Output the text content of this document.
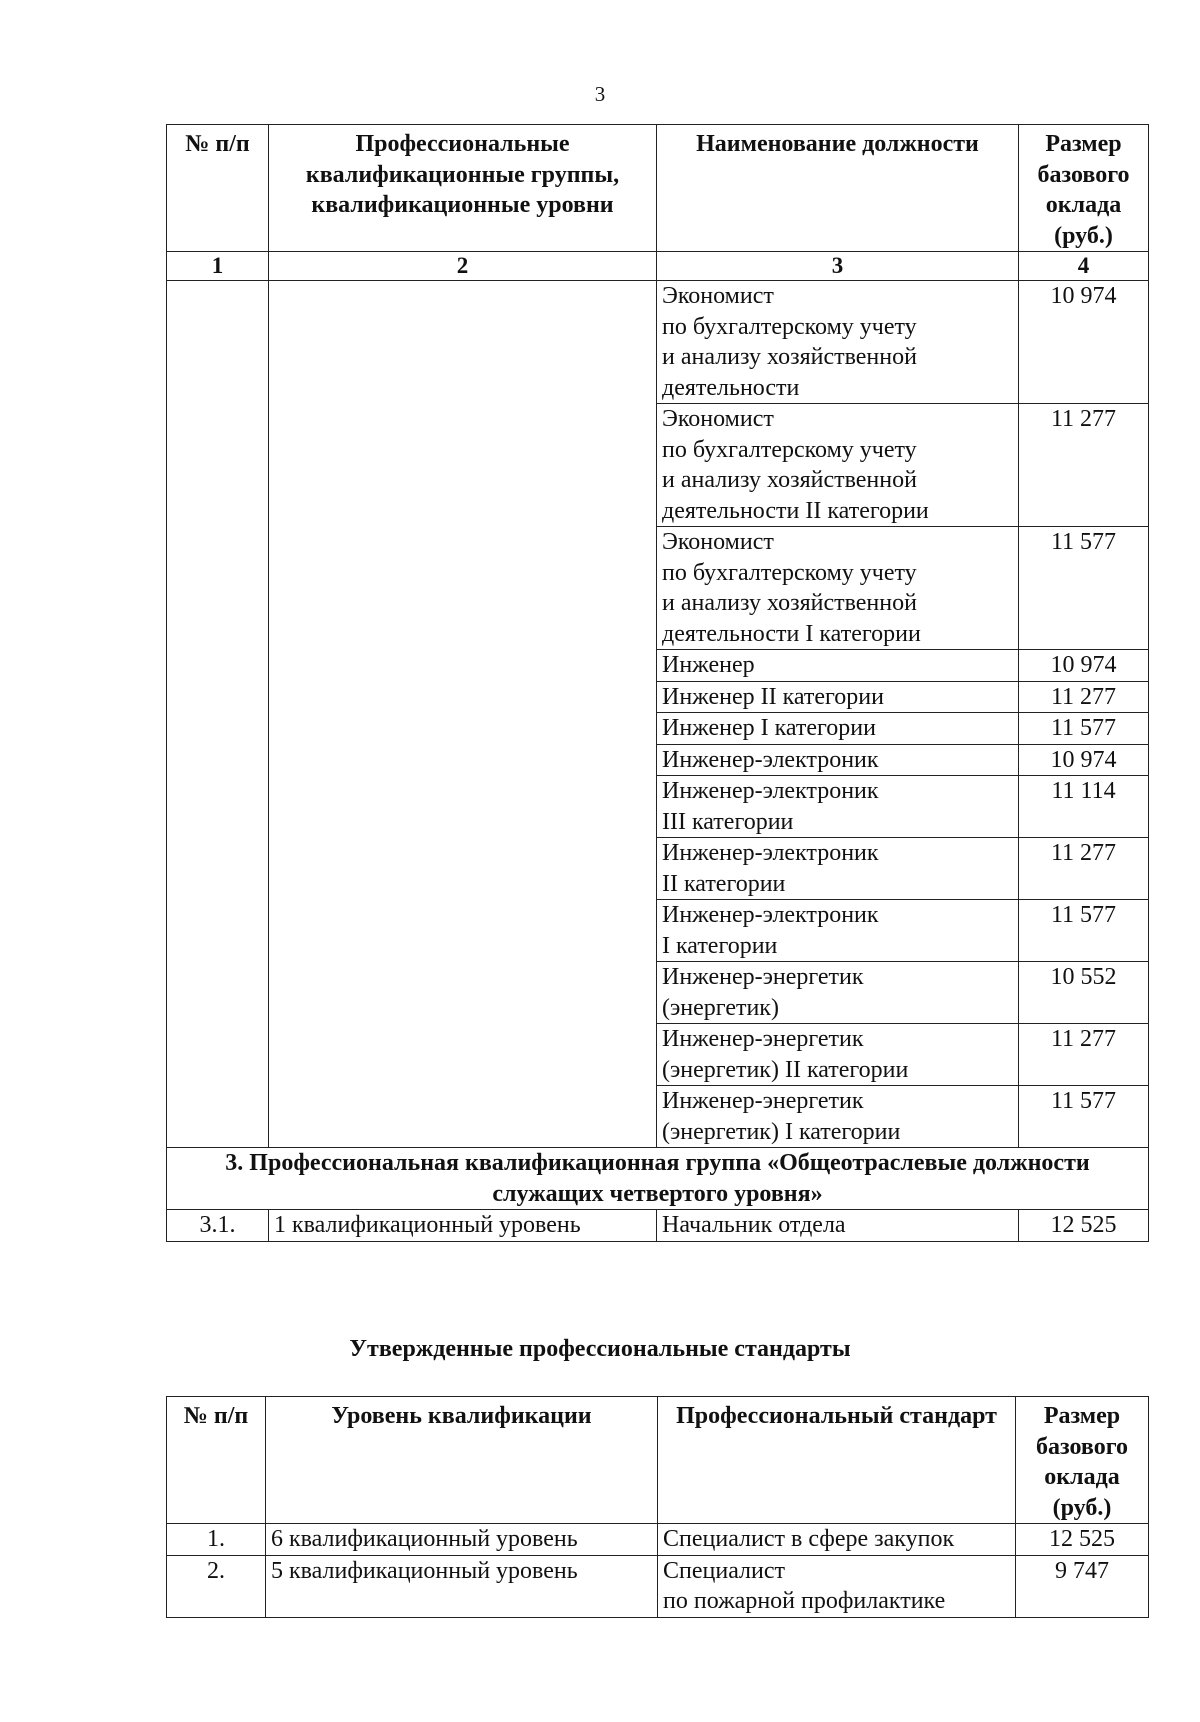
3
№ п/п	Профессиональные квалификационные группы, квалификационные уровни	Наименование должности	Размер базового оклада (руб.)
1	2	3	4
		Экономист
по бухгалтерскому учету
и анализу хозяйственной
деятельности	10 974
		Экономист
по бухгалтерскому учету
и анализу хозяйственной
деятельности II категории	11 277
		Экономист
по бухгалтерскому учету
и анализу хозяйственной
деятельности I категории	11 577
		Инженер	10 974
		Инженер II категории	11 277
		Инженер I категории	11 577
		Инженер-электроник	10 974
		Инженер-электроник
III категории	11 114
		Инженер-электроник
II категории	11 277
		Инженер-электроник
I категории	11 577
		Инженер-энергетик
(энергетик)	10 552
		Инженер-энергетик
(энергетик) II категории	11 277
		Инженер-энергетик
(энергетик) I категории	11 577
3. Профессиональная квалификационная группа «Общеотраслевые должности служащих четвертого уровня»			
3.1.	1 квалификационный уровень	Начальник отдела	12 525
Утвержденные профессиональные стандарты
№ п/п	Уровень квалификации	Профессиональный стандарт	Размер базового оклада (руб.)
1.	6 квалификационный уровень	Специалист в сфере закупок	12 525
2.	5 квалификационный уровень	Специалист
по пожарной профилактике	9 747
